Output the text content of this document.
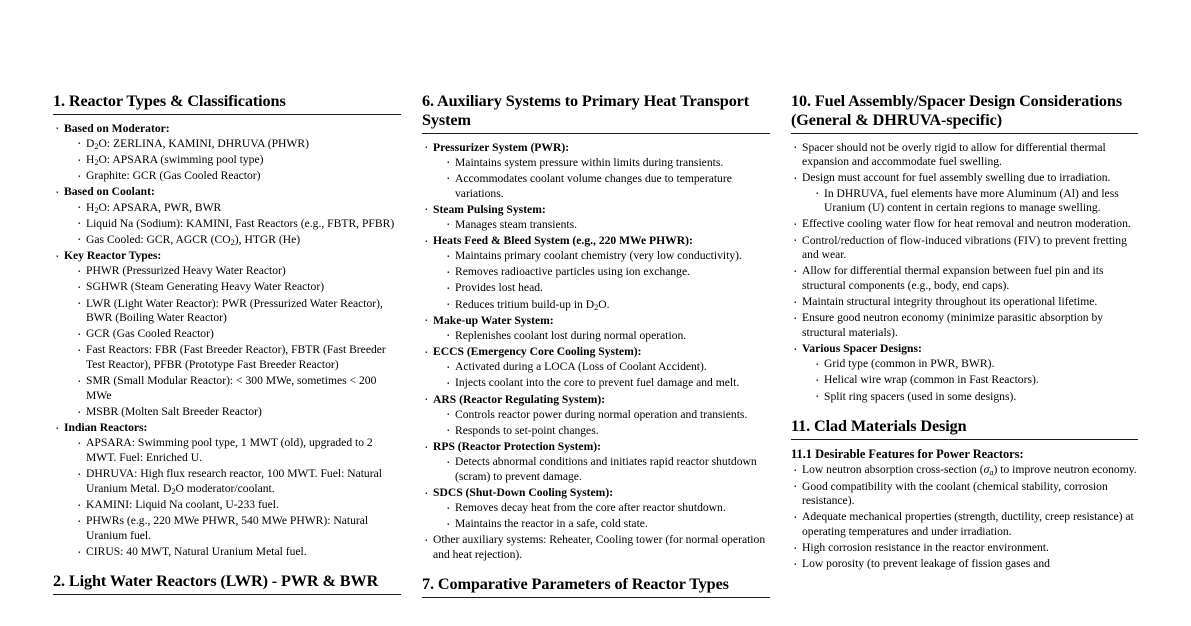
1. Reactor Types & Classifications
· Based on Moderator:
· $D_2O$: ZERLINA, KAMINI, DHRUVA (PHWR)
· $H_2O$: APSARA (swimming pool type)
· Graphite: GCR (Gas Cooled Reactor)
· Based on Coolant:
· $H_2O$: APSARA, PWR, BWR
· Liquid Na (Sodium): KAMINI, Fast Reactors (e.g., FBTR, PFBR)
· Gas Cooled: GCR, AGCR $(CO_2)$, HTGR (He)
· Key Reactor Types:
· PHWR (Pressurized Heavy Water Reactor)
· SGHWR (Steam Generating Heavy Water Reactor)
· LWR (Light Water Reactor): PWR (Pressurized Water Reactor), BWR (Boiling Water Reactor)
· GCR (Gas Cooled Reactor)
· Fast Reactors: FBR (Fast Breeder Reactor), FBTR (Fast Breeder Test Reactor), PFBR (Prototype Fast Breeder Reactor)
· SMR (Small Modular Reactor): < 300 MWe, sometimes < 200 MWe
· MSBR (Molten Salt Breeder Reactor)
· Indian Reactors:
· APSARA: Swimming pool type, 1 MWT (old), upgraded to 2 MWT. Fuel: Enriched U.
· DHRUVA: High flux research reactor, 100 MWT. Fuel: Natural Uranium Metal. $D_2O$ moderator/coolant.
· KAMINI: Liquid Na coolant, U-233 fuel.
· PHWRs (e.g., 220 MWe PHWR, 540 MWe PHWR): Natural Uranium fuel.
· CIRUS: 40 MWT, Natural Uranium Metal fuel.
2. Light Water Reactors (LWR) - PWR & BWR
6. Auxiliary Systems to Primary Heat Transport System
· Pressurizer System (PWR):
· Maintains system pressure within limits during transients.
· Accommodates coolant volume changes due to temperature variations.
· Steam Pulsing System:
· Manages steam transients.
· Heats Feed & Bleed System (e.g., 220 MWe PHWR):
· Maintains primary coolant chemistry (very low conductivity).
· Removes radioactive particles using ion exchange.
· Provides lost head.
· Reduces tritium build-up in $D_2O$.
· Make-up Water System:
· Replenishes coolant lost during normal operation.
· ECCS (Emergency Core Cooling System):
· Activated during a LOCA (Loss of Coolant Accident).
· Injects coolant into the core to prevent fuel damage and melt.
· ARS (Reactor Regulating System):
· Controls reactor power during normal operation and transients.
· Responds to set-point changes.
· RPS (Reactor Protection System):
· Detects abnormal conditions and initiates rapid reactor shutdown (scram) to prevent damage.
· SDCS (Shut-Down Cooling System):
· Removes decay heat from the core after reactor shutdown.
· Maintains the reactor in a safe, cold state.
· Other auxiliary systems: Reheater, Cooling tower (for normal operation and heat rejection).
7. Comparative Parameters of Reactor Types
10. Fuel Assembly/Spacer Design Considerations (General & DHRUVA-specific)
· Spacer should not be overly rigid to allow for differential thermal expansion and accommodate fuel swelling.
· Design must account for fuel assembly swelling due to irradiation.
· In DHRUVA, fuel elements have more Aluminum (Al) and less Uranium (U) content in certain regions to manage swelling.
· Effective cooling water flow for heat removal and neutron moderation.
· Control/reduction of flow-induced vibrations (FIV) to prevent fretting and wear.
· Allow for differential thermal expansion between fuel pin and its structural components (e.g., body, end caps).
· Maintain structural integrity throughout its operational lifetime.
· Ensure good neutron economy (minimize parasitic absorption by structural materials).
· Various Spacer Designs:
· Grid type (common in PWR, BWR).
· Helical wire wrap (common in Fast Reactors).
· Split ring spacers (used in some designs).
11. Clad Materials Design
11.1 Desirable Features for Power Reactors:
· Low neutron absorption cross-section $(\sigma_a)$ to improve neutron economy.
· Good compatibility with the coolant (chemical stability, corrosion resistance).
· Adequate mechanical properties (strength, ductility, creep resistance) at operating temperatures and under irradiation.
· High corrosion resistance in the reactor environment.
· Low porosity (to prevent leakage of fission gases and
